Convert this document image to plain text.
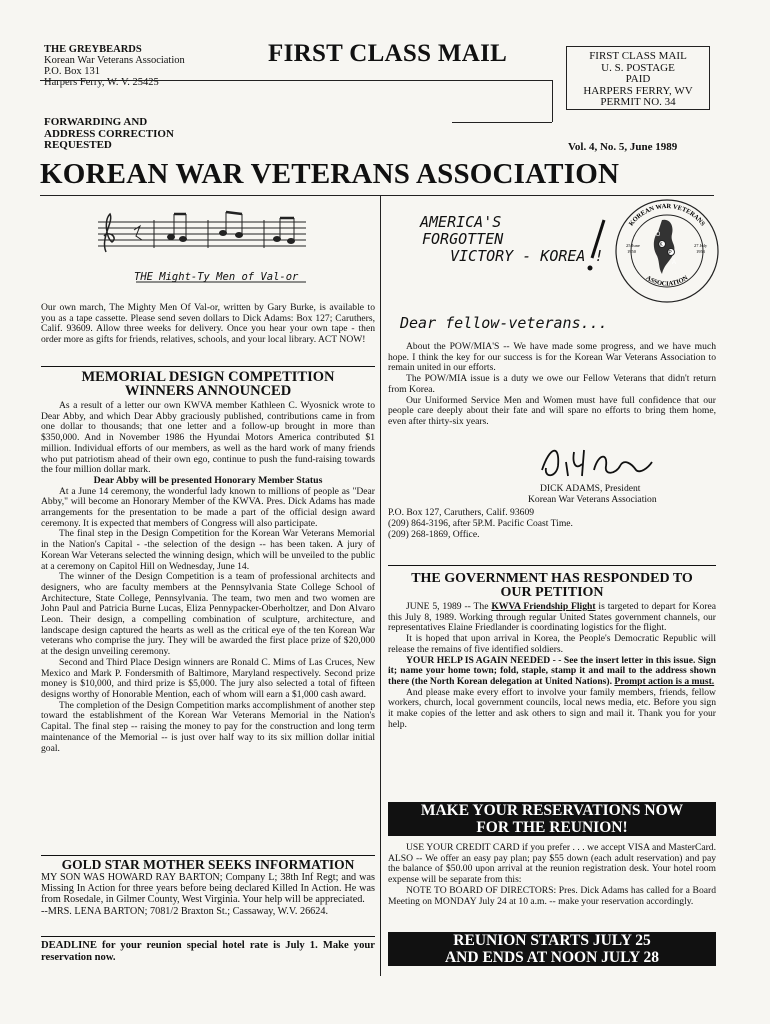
THE GREYBEARDS
Korean War Veterans Association
P.O. Box 131
Harpers Ferry, W. V. 25425
FIRST CLASS MAIL	FIRST CLASS MAIL
U. S. POSTAGE
PAID
HARPERS FERRY, WV
PERMIT NO. 34
FORWARDING AND
ADDRESS CORRECTION
REQUESTED	Vol. 4, No. 5, June 1989
KOREAN WAR VETERANS ASSOCIATION
THE Might-Ty Men of Val-or
Our own march, The Mighty Men Of Val-or, written by Gary Burke, is available to you as a tape cassette. Please send seven dollars to Dick Adams: Box 127; Caruthers, Calif. 93609. Allow three weeks for delivery. Once you hear your own tape - then order more as gifts for friends, relatives, schools, and your local library. ACT NOW!
MEMORIAL DESIGN COMPETITION
WINNERS ANNOUNCED

As a result of a letter our own KWVA member Kathleen C. Wyosnick wrote to Dear Abby, and which Dear Abby graciously published, contributions came in from one dollar to thousands; that one letter and a follow-up brought in more than $350,000. And in November 1986 the Hyundai Motors America contributed $1 million. Individual efforts of our members, as well as the hard work of many friends who put patriotism ahead of their own ego, continue to push the fund-raising towards the four million dollar mark.

Dear Abby will be presented Honorary Member Status

At a June 14 ceremony, the wonderful lady known to millions of people as "Dear Abby," will become an Honorary Member of the KWVA. Pres. Dick Adams has made arrangements for the presentation to be made a part of the official design award ceremony. It is expected that members of Congress will also participate.

The final step in the Design Competition for the Korean War Veterans Memorial in the Nation's Capital - -the selection of the design -- has been taken. A jury of Korean War Veterans selected the winning design, which will be unveiled to the public at a ceremony on Capitol Hill on Wednesday, June 14.

The winner of the Design Competition is a team of professional architects and designers, who are faculty members at the Pennsylvania State College School of Architecture, State College, Pennsylvania. The team, two men and two women are John Paul and Patricia Burne Lucas, Eliza Pennypacker-Oberholtzer, and Don Alvaro Leon. Their design, a compelling combination of sculpture, architecture, and landscape design captured the hearts as well as the critical eye of the ten Korean War veterans who comprise the jury. They will be awarded the first place prize of $20,000 at the design unveiling ceremony.

Second and Third Place Design winners are Ronald C. Mims of Las Cruces, New Mexico and Mark P. Fondersmith of Baltimore, Maryland respectively. Second prize money is $10,000, and third prize is $5,000. The jury also selected a total of fifteen designs worthy of Honorable Mention, each of whom will earn a $1,000 cash award.

The completion of the Design Competition marks accomplishment of another step toward the establishment of the Korean War Veterans Memorial in the Nation's Capital. The final step -- raising the money to pay for the construction and long term maintenance of the Memorial -- is just over half way to its six million dollar initial goal.

GOLD STAR MOTHER SEEKS INFORMATION

MY SON WAS HOWARD RAY BARTON; Company L; 38th Inf Regt; and was Missing In Action for three years before being declared Killed In Action. He was from Rosedale, in Gilmer County, West Virginia. Your help will be appreciated.

--MRS. LENA BARTON; 7081/2 Braxton St.; Cassaway, W.V. 26624.

DEADLINE for your reunion special hotel rate is July 1. Make your reservation now.
AMERICA'S
FORGOTTEN
VICTORY - KOREA !
K
O
P
A
KOREAN WAR VETERANS
ASSOCIATION
25 June
1950
27 July
1953
Dear fellow-veterans...

About the POW/MIA'S -- We have made some progress, and we have much hope. I think the key for our success is for the Korean War Veterans Association to remain united in our efforts.

The POW/MIA issue is a duty we owe our Fellow Veterans that didn't return from Korea.

Our Uniformed Service Men and Women must have full confidence that our people care deeply about their fate and will spare no efforts to bring them home, even after thirty-six years.

DICK ADAMS, President
Korean War Veterans Association
P.O. Box 127, Caruthers, Calif. 93609
(209) 864-3196, after 5P.M. Pacific Coast Time.
(209) 268-1869, Office.
THE GOVERNMENT HAS RESPONDED TO
OUR PETITION

JUNE 5, 1989 -- The KWVA Friendship Flight is targeted to depart for Korea this July 8, 1989. Working through regular United States government channels, our representatives Elaine Friedlander is coordinating logistics for the flight.

It is hoped that upon arrival in Korea, the People's Democratic Republic will release the remains of five identified soldiers.

YOUR HELP IS AGAIN NEEDED - - See the insert letter in this issue. Sign it; name your home town; fold, staple, stamp it and mail to the address shown there (the North Korean delegation at United Nations). Prompt action is a must.

And please make every effort to involve your family members, friends, fellow workers, church, local government councils, local news media, etc. Before you sign it make copies of the letter and ask others to sign and mail it. Thank you for your help.

MAKE YOUR RESERVATIONS NOW
FOR THE REUNION!

USE YOUR CREDIT CARD if you prefer . . . we accept VISA and MasterCard. ALSO -- We offer an easy pay plan; pay $55 down (each adult reservation) and pay the balance of $50.00 upon arrival at the reunion registration desk. Your hotel room expense will be separate from this:

NOTE TO BOARD OF DIRECTORS: Pres. Dick Adams has called for a Board Meeting on MONDAY July 24 at 10 a.m. -- make your reservation accordingly.

REUNION STARTS JULY 25
AND ENDS AT NOON JULY 28
